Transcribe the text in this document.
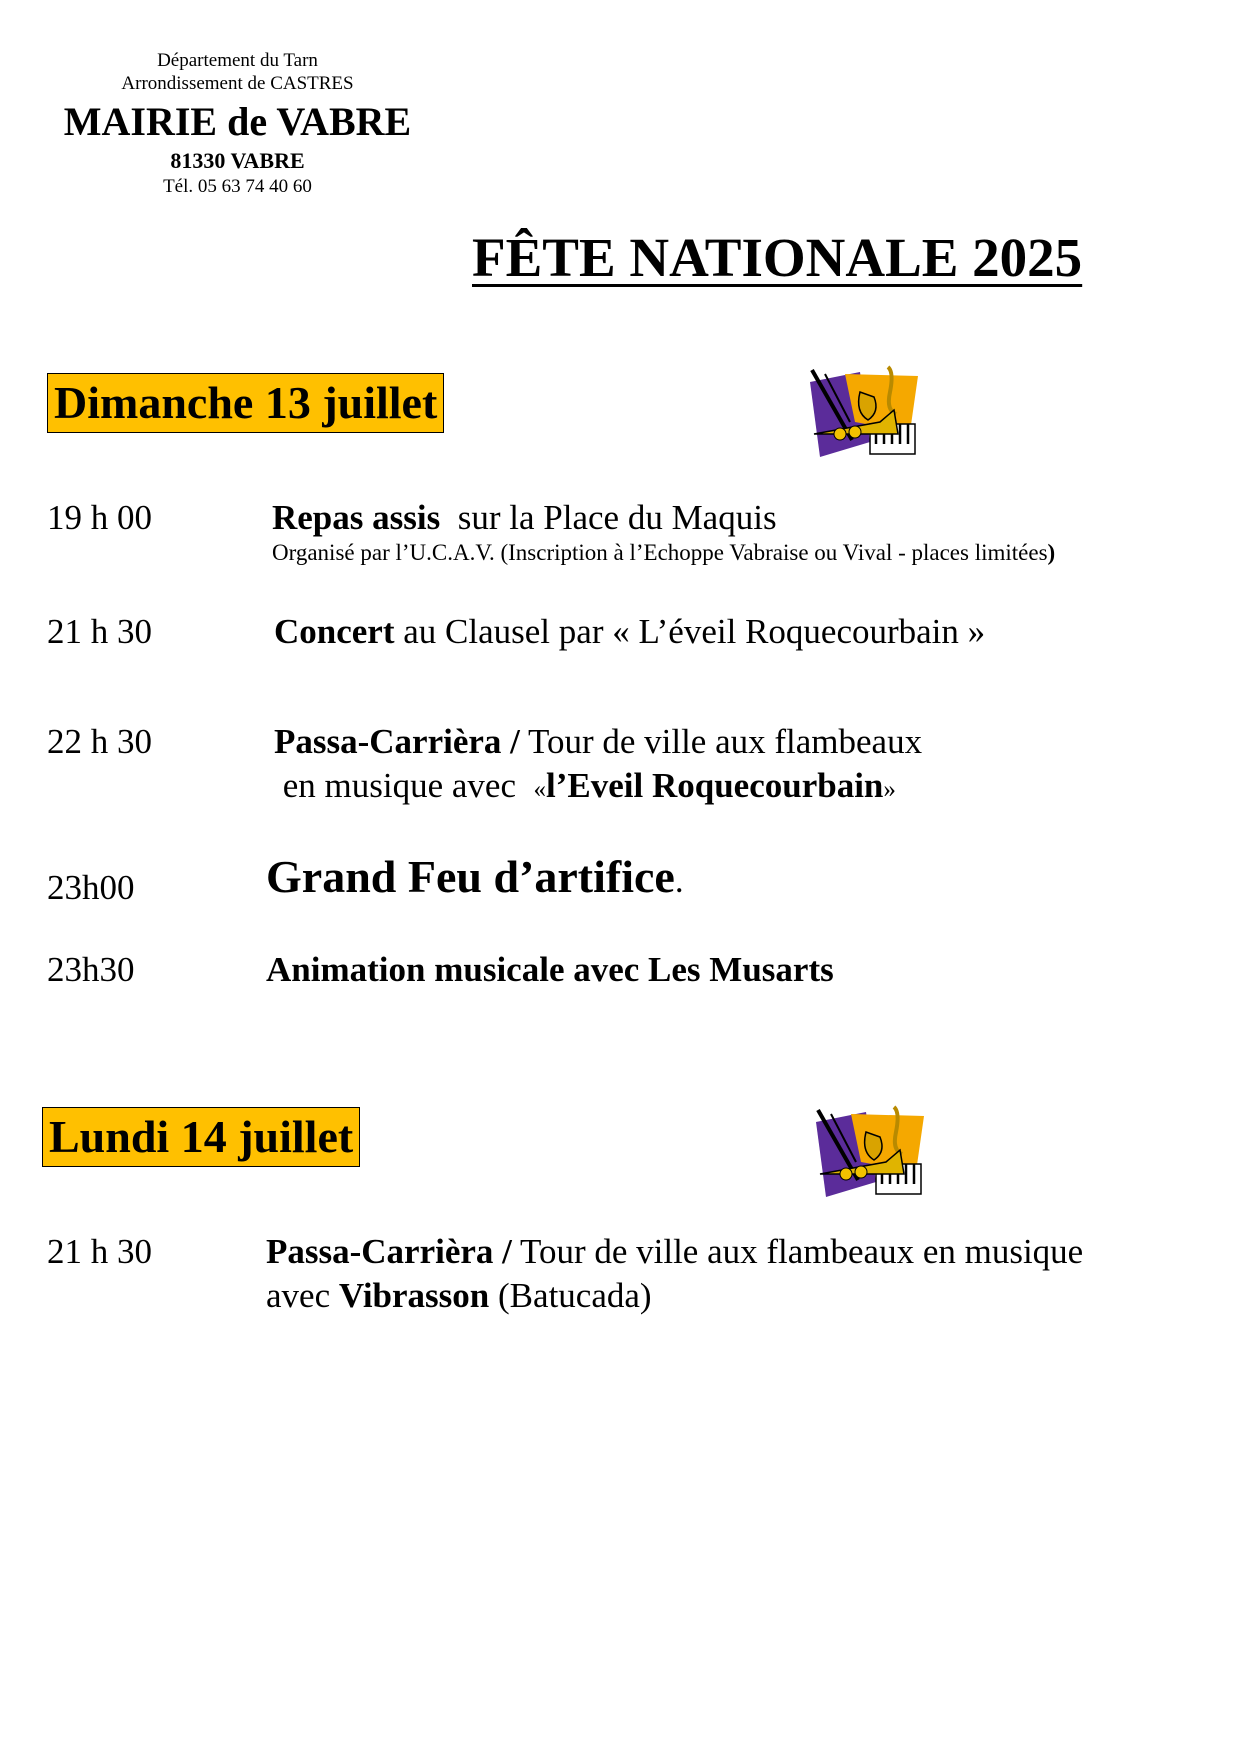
Département du Tarn
Arrondissement de CASTRES
MAIRIE de VABRE
81330 VABRE
Tél. 05 63 74 40 60
FÊTE NATIONALE 2025
Dimanche 13 juillet
19 h 00	Repas assis  sur la Place du Maquis
Organisé par l’U.C.A.V. (Inscription à l’Echoppe Vabraise ou Vival - places limitées)
21 h 30	Concert au Clausel par « L’éveil Roquecourbain »
22 h 30	Passa-Carrièra / Tour de ville aux flambeaux
en musique avec  «l’Eveil Roquecourbain»
23h00	Grand Feu d’artifice.
23h30	Animation musicale avec Les Musarts
Lundi 14 juillet
21 h 30	Passa-Carrièra / Tour de ville aux flambeaux en musique
avec Vibrasson (Batucada)
